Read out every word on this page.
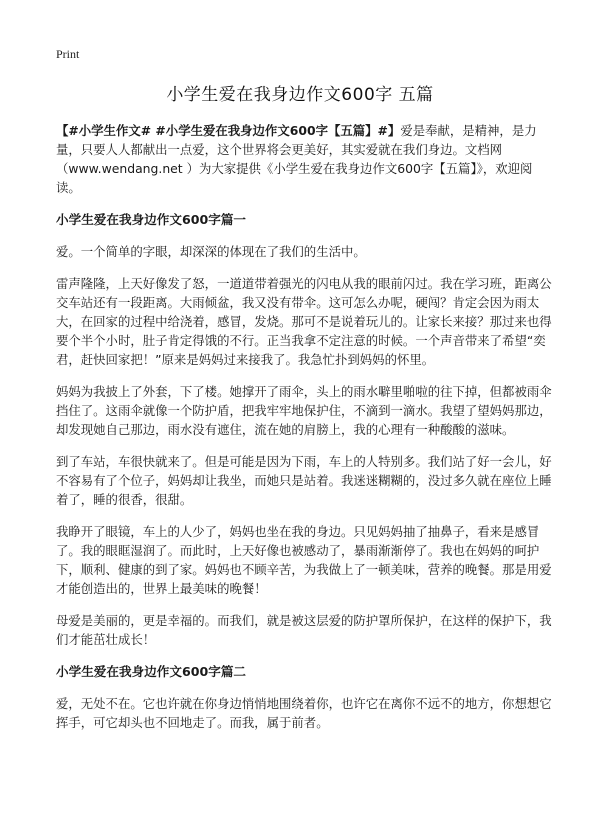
Print
小学生爱在我身边作文600字 五篇

【#小学生作文# #小学生爱在我身边作文600字【五篇】#】爱是奉献，是精神，是力量，只要人人都献出一点爱，这个世界将会更美好，其实爱就在我们身边。文档网（www.wendang.net ）为大家提供《小学生爱在我身边作文600字【五篇】》，欢迎阅读。

小学生爱在我身边作文600字篇一

爱。一个简单的字眼，却深深的体现在了我们的生活中。

雷声隆隆，上天好像发了怒，一道道带着强光的闪电从我的眼前闪过。我在学习班，距离公交车站还有一段距离。大雨倾盆，我又没有带伞。这可怎么办呢，硬闯？肯定会因为雨太大，在回家的过程中给浇着，感冒，发烧。那可不是说着玩儿的。让家长来接？那过来也得要个半个小时，肚子肯定得饿的不行。正当我拿不定注意的时候。一个声音带来了希望“奕君，赶快回家把！”原来是妈妈过来接我了。我急忙扑到妈妈的怀里。

妈妈为我披上了外套，下了楼。她撑开了雨伞，头上的雨水噼里啪啦的往下掉，但都被雨伞挡住了。这雨伞就像一个防护盾，把我牢牢地保护住，不滴到一滴水。我望了望妈妈那边，却发现她自己那边，雨水没有遮住，流在她的肩膀上，我的心理有一种酸酸的滋味。

到了车站，车很快就来了。但是可能是因为下雨，车上的人特别多。我们站了好一会儿，好不容易有了个位子，妈妈却让我坐，而她只是站着。我迷迷糊糊的，没过多久就在座位上睡着了，睡的很香，很甜。

我睁开了眼镜，车上的人少了，妈妈也坐在我的身边。只见妈妈抽了抽鼻子，看来是感冒了。我的眼眶湿润了。而此时，上天好像也被感动了，暴雨渐渐停了。我也在妈妈的呵护下，顺利、健康的到了家。妈妈也不顾辛苦，为我做上了一顿美味，营养的晚餐。那是用爱才能创造出的，世界上最美味的晚餐！

母爱是美丽的，更是幸福的。而我们，就是被这层爱的防护罩所保护，在这样的保护下，我们才能茁壮成长！

小学生爱在我身边作文600字篇二

爱，无处不在。它也许就在你身边悄悄地围绕着你，也许它在离你不远不的地方，你想想它挥手，可它却头也不回地走了。而我，属于前者。
